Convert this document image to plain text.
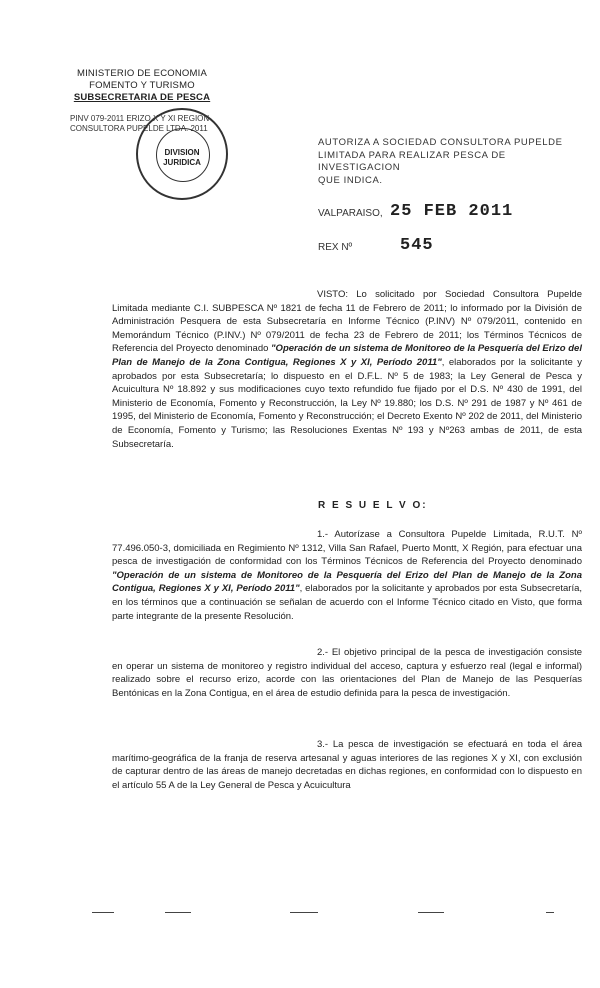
MINISTERIO DE ECONOMIA
FOMENTO Y TURISMO
SUBSECRETARIA DE PESCA
PINV 079-2011 ERIZO X Y XI REGION
CONSULTORA PUPELDE LTDA. 2011
DIVISION
JURIDICA
AUTORIZA A SOCIEDAD CONSULTORA PUPELDE
LIMITADA PARA REALIZAR PESCA DE INVESTIGACION
QUE INDICA.
VALPARAISO, 25 FEB 2011
REX Nº	545
VISTO: Lo solicitado por Sociedad Consultora Pupelde Limitada mediante C.I. SUBPESCA Nº 1821 de fecha 11 de Febrero de 2011; lo informado por la División de Administración Pesquera de esta Subsecretaría en Informe Técnico (P.INV) Nº 079/2011, contenido en Memorándum Técnico (P.INV.) Nº 079/2011 de fecha 23 de Febrero de 2011; los Términos Técnicos de Referencia del Proyecto denominado "Operación de un sistema de Monitoreo de la Pesquería del Erizo del Plan de Manejo de la Zona Contigua, Regiones X y XI, Período 2011", elaborados por la solicitante y aprobados por esta Subsecretaría; lo dispuesto en el D.F.L. Nº 5 de 1983; la Ley General de Pesca y Acuicultura Nº 18.892 y sus modificaciones cuyo texto refundido fue fijado por el D.S. Nº 430 de 1991, del Ministerio de Economía, Fomento y Reconstrucción, la Ley Nº 19.880; los D.S. Nº 291 de 1987 y Nº 461 de 1995, del Ministerio de Economía, Fomento y Reconstrucción; el Decreto Exento Nº 202 de 2011, del Ministerio de Economía, Fomento y Turismo; las Resoluciones Exentas Nº 193 y Nº263 ambas de 2011, de esta Subsecretaría.
R E S U E L V O:
1.- Autorízase a Consultora Pupelde Limitada, R.U.T. Nº 77.496.050-3, domiciliada en Regimiento Nº 1312, Villa San Rafael, Puerto Montt, X Región, para efectuar una pesca de investigación de conformidad con los Términos Técnicos de Referencia del Proyecto denominado "Operación de un sistema de Monitoreo de la Pesquería del Erizo del Plan de Manejo de la Zona Contigua, Regiones X y XI, Período 2011", elaborados por la solicitante y aprobados por esta Subsecretaría, en los términos que a continuación se señalan de acuerdo con el Informe Técnico citado en Visto, que forma parte integrante de la presente Resolución.
2.- El objetivo principal de la pesca de investigación consiste en operar un sistema de monitoreo y registro individual del acceso, captura y esfuerzo real (legal e informal) realizado sobre el recurso erizo, acorde con las orientaciones del Plan de Manejo de las Pesquerías Bentónicas en la Zona Contigua, en el área de estudio definida para la pesca de investigación.
3.- La pesca de investigación se efectuará en toda el área marítimo-geográfica de la franja de reserva artesanal y aguas interiores de las regiones X y XI, con exclusión de capturar dentro de las áreas de manejo decretadas en dichas regiones, en conformidad con lo dispuesto en el artículo 55 A de la Ley General de Pesca y Acuicultura
